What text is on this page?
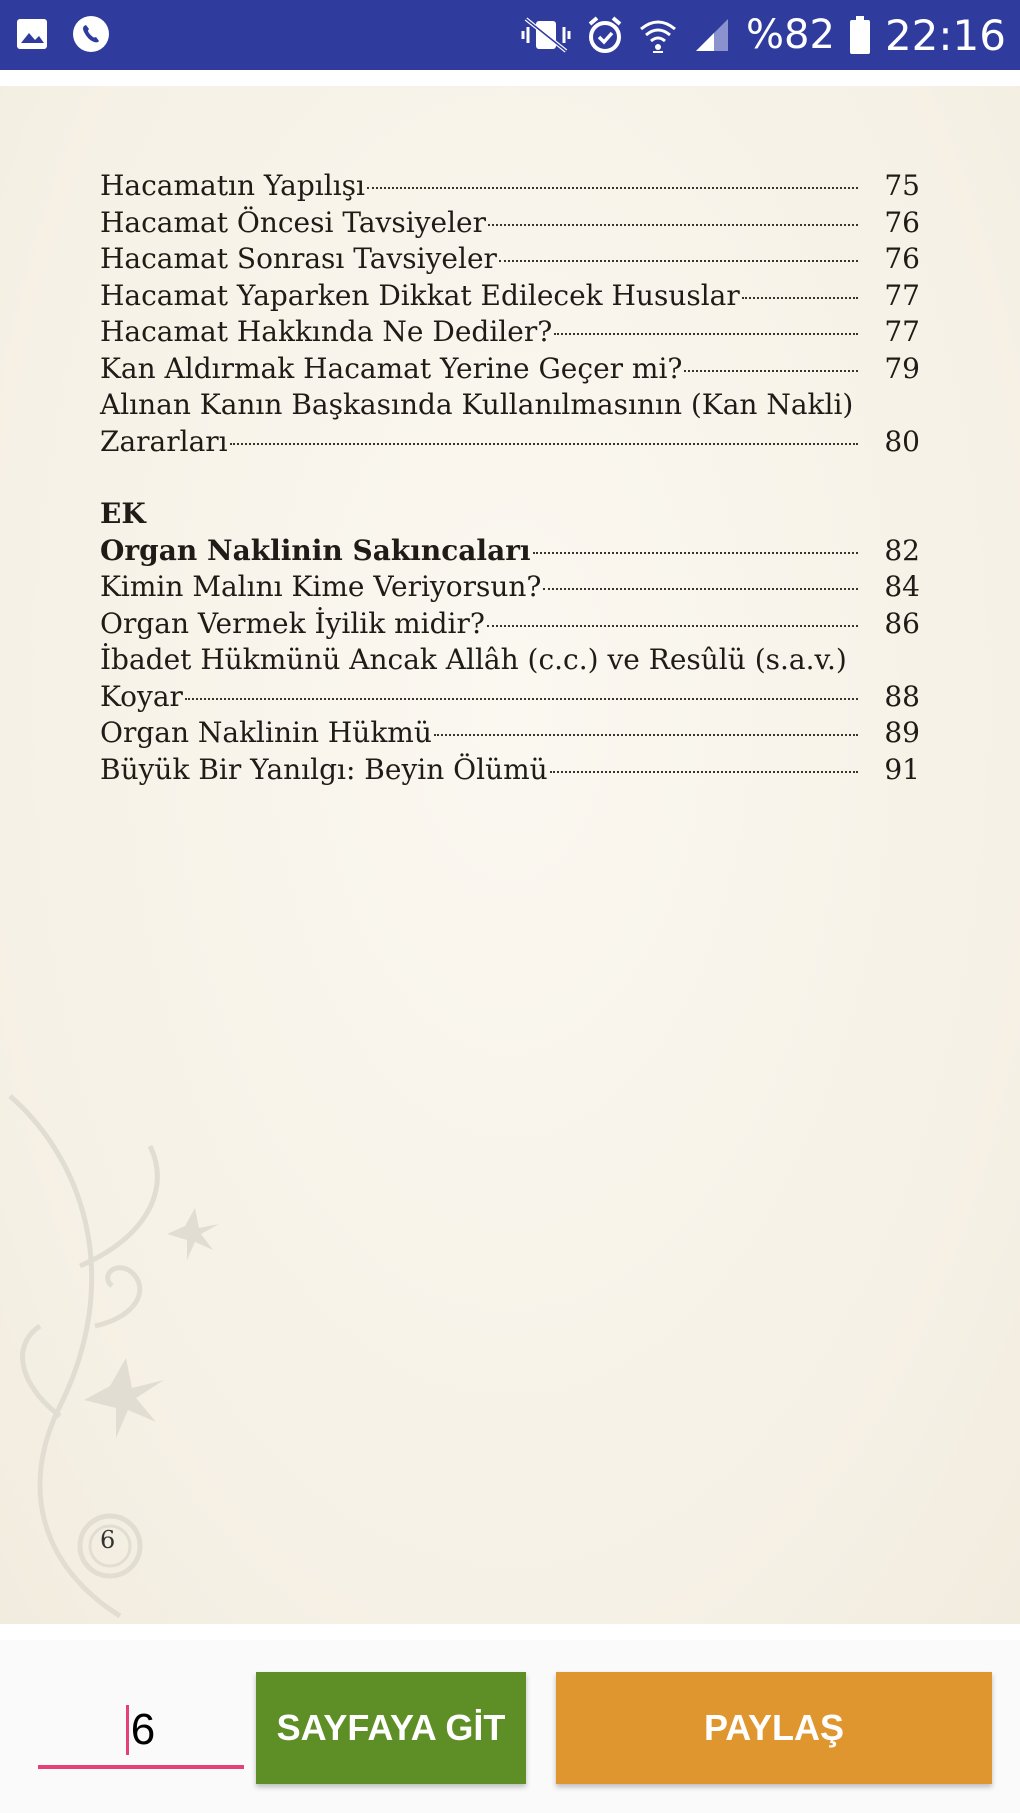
%82 22:16
Hacamatın Yapılışı	75
Hacamat Öncesi Tavsiyeler	76
Hacamat Sonrası Tavsiyeler	76
Hacamat Yaparken Dikkat Edilecek Hususlar	77
Hacamat Hakkında Ne Dediler?	77
Kan Aldırmak Hacamat Yerine Geçer mi?	79
Alınan Kanın Başkasında Kullanılmasının (Kan Nakli)
Zararları	80
EK
Organ Naklinin Sakıncaları	82
Kimin Malını Kime Veriyorsun?	84
Organ Vermek İyilik midir?	86
İbadet Hükmünü Ancak Allâh (c.c.) ve Resûlü (s.a.v.)
Koyar	88
Organ Naklinin Hükmü	89
Büyük Bir Yanılgı: Beyin Ölümü	91
6
6
SAYFAYA GİT	PAYLAŞ
